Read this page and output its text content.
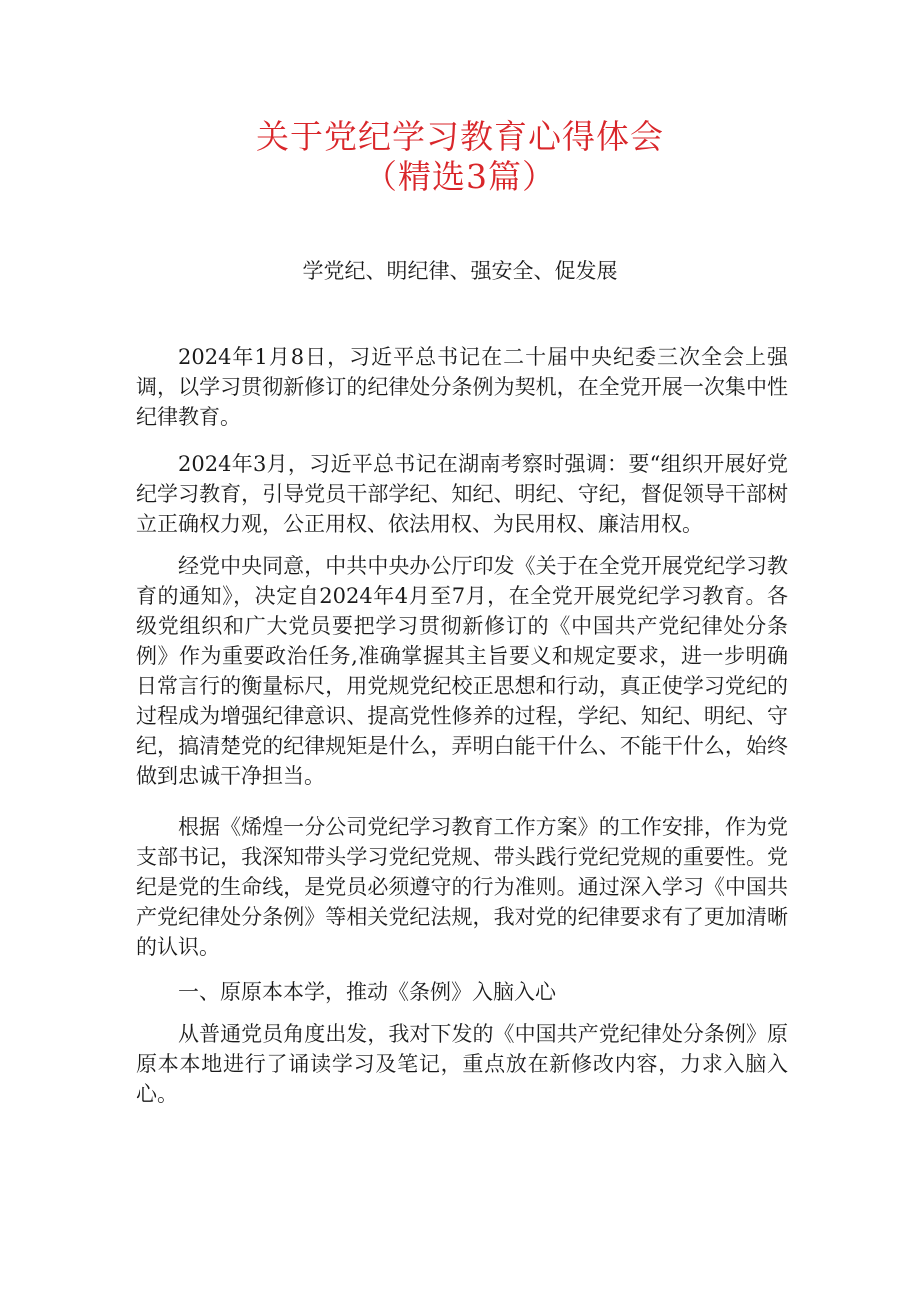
关于党纪学习教育心得体会
（精选3篇）
学党纪、明纪律、强安全、促发展

2024年1月8日，习近平总书记在二十届中央纪委三次全会上强调，以学习贯彻新修订的纪律处分条例为契机，在全党开展一次集中性纪律教育。

2024年3月，习近平总书记在湖南考察时强调：要“组织开展好党纪学习教育，引导党员干部学纪、知纪、明纪、守纪，督促领导干部树立正确权力观，公正用权、依法用权、为民用权、廉洁用权。

经党中央同意，中共中央办公厅印发《关于在全党开展党纪学习教育的通知》，决定自2024年4月至7月，在全党开展党纪学习教育。各级党组织和广大党员要把学习贯彻新修订的《中国共产党纪律处分条例》作为重要政治任务,准确掌握其主旨要义和规定要求，进一步明确日常言行的衡量标尺，用党规党纪校正思想和行动，真正使学习党纪的过程成为增强纪律意识、提高党性修养的过程，学纪、知纪、明纪、守纪，搞清楚党的纪律规矩是什么，弄明白能干什么、不能干什么，始终做到忠诚干净担当。

根据《烯煌一分公司党纪学习教育工作方案》的工作安排，作为党支部书记，我深知带头学习党纪党规、带头践行党纪党规的重要性。党纪是党的生命线，是党员必须遵守的行为准则。通过深入学习《中国共产党纪律处分条例》等相关党纪法规，我对党的纪律要求有了更加清晰的认识。

一、原原本本学，推动《条例》入脑入心

从普通党员角度出发，我对下发的《中国共产党纪律处分条例》原原本本地进行了诵读学习及笔记，重点放在新修改内容，力求入脑入心。
